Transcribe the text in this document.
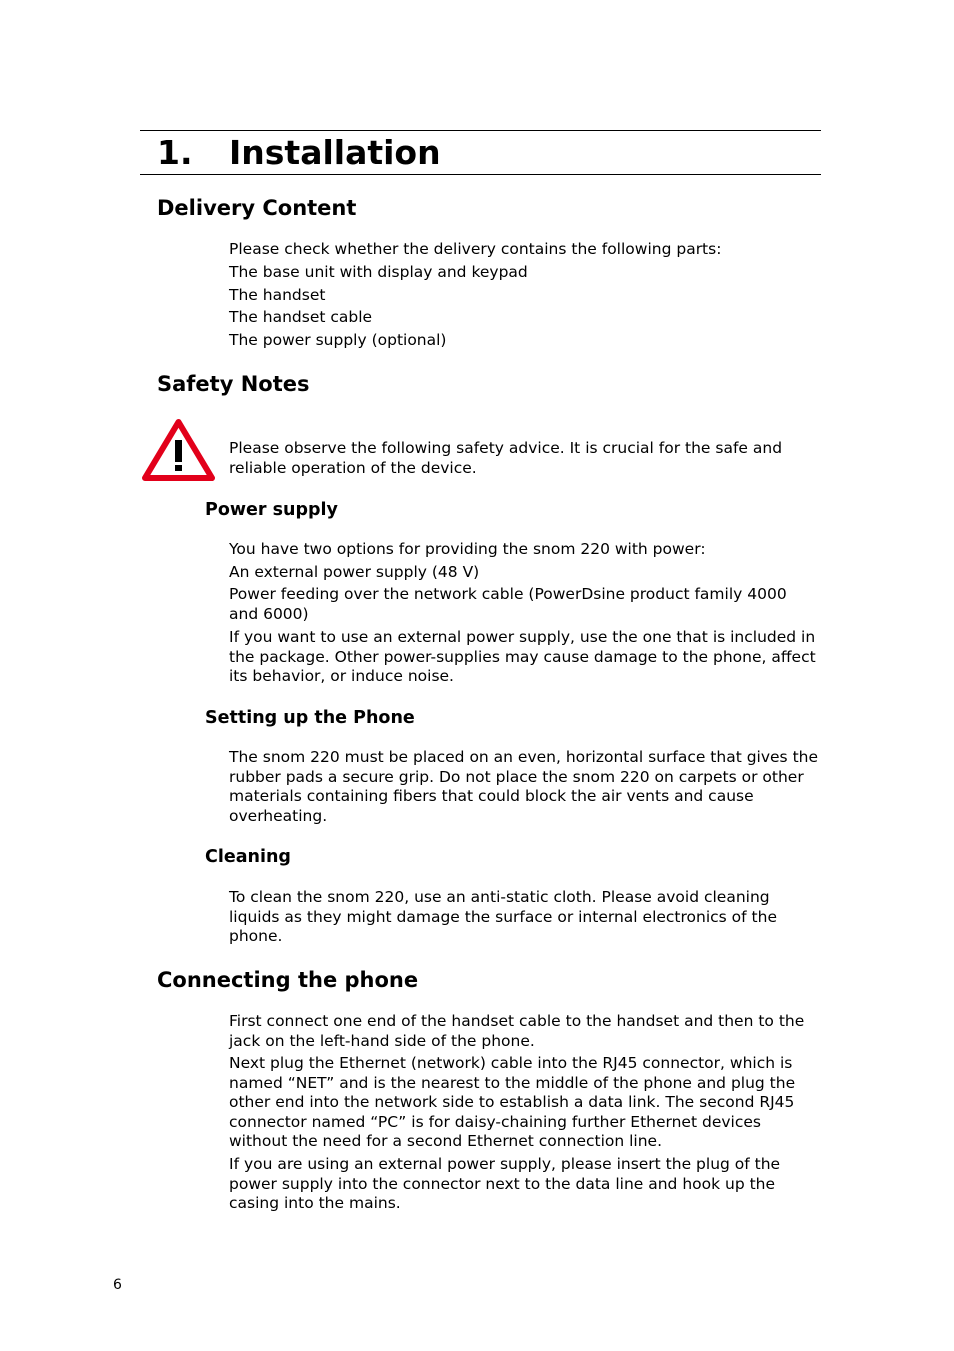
1. Installation
Delivery Content

Please check whether the delivery contains the following parts:

The base unit with display and keypad

The handset

The handset cable

The power supply (optional)

Safety Notes

Please observe the following safety advice. It is crucial for the safe and reliable operation of the device.

Power supply

You have two options for providing the snom 220 with power:

An external power supply (48 V)

Power feeding over the network cable (PowerDsine product family 4000 and 6000)

If you want to use an external power supply, use the one that is included in the package. Other power-supplies may cause damage to the phone, affect its behavior, or induce noise.

Setting up the Phone

The snom 220 must be placed on an even, horizontal surface that gives the rubber pads a secure grip. Do not place the snom 220 on carpets or other materials containing fibers that could block the air vents and cause overheating.

Cleaning

To clean the snom 220, use an anti-static cloth. Please avoid cleaning liquids as they might damage the surface or internal electronics of the phone.

Connecting the phone

First connect one end of the handset cable to the handset and then to the jack on the left-hand side of the phone.

Next plug the Ethernet (network) cable into the RJ45 connector, which is named “NET” and is the nearest to the middle of the phone and plug the other end into the network side to establish a data link. The second RJ45 connector named “PC” is for daisy-chaining further Ethernet devices without the need for a second Ethernet connection line.

If you are using an external power supply, please insert the plug of the power supply into the connector next to the data line and hook up the casing into the mains.

6
